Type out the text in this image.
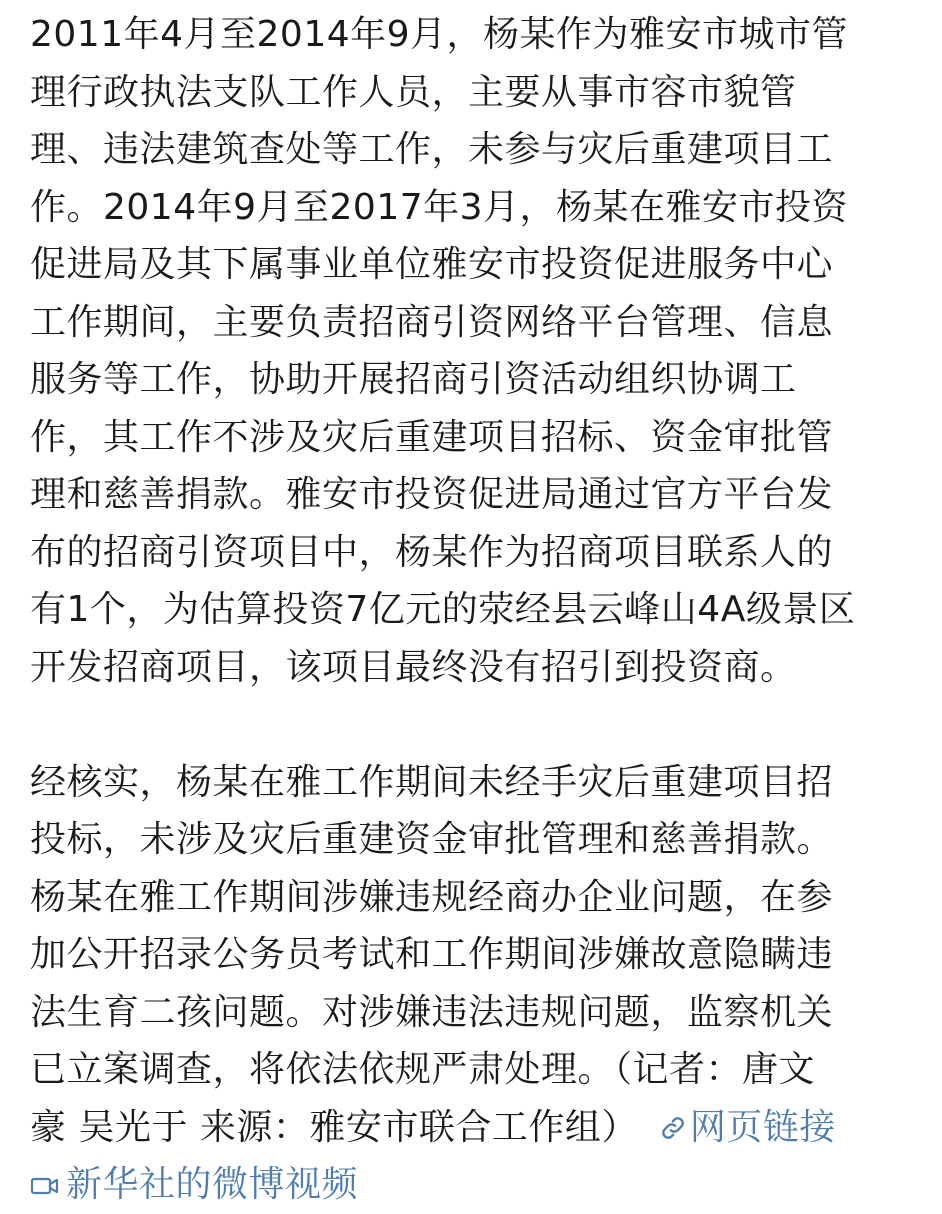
2011年4月至2014年9月，杨某作为雅安市城市管
理行政执法支队工作人员，主要从事市容市貌管
理、违法建筑查处等工作，未参与灾后重建项目工
作。2014年9月至2017年3月，杨某在雅安市投资
促进局及其下属事业单位雅安市投资促进服务中心
工作期间，主要负责招商引资网络平台管理、信息
服务等工作，协助开展招商引资活动组织协调工
作，其工作不涉及灾后重建项目招标、资金审批管
理和慈善捐款。雅安市投资促进局通过官方平台发
布的招商引资项目中，杨某作为招商项目联系人的
有1个，为估算投资7亿元的荥经县云峰山4A级景区
开发招商项目，该项目最终没有招引到投资商。
经核实，杨某在雅工作期间未经手灾后重建项目招
投标，未涉及灾后重建资金审批管理和慈善捐款。
杨某在雅工作期间涉嫌违规经商办企业问题，在参
加公开招录公务员考试和工作期间涉嫌故意隐瞒违
法生育二孩问题。对涉嫌违法违规问题，监察机关
已立案调查，将依法依规严肃处理。（记者：唐文
豪 吴光于 来源：雅安市联合工作组） 网页链接
新华社的微博视频
